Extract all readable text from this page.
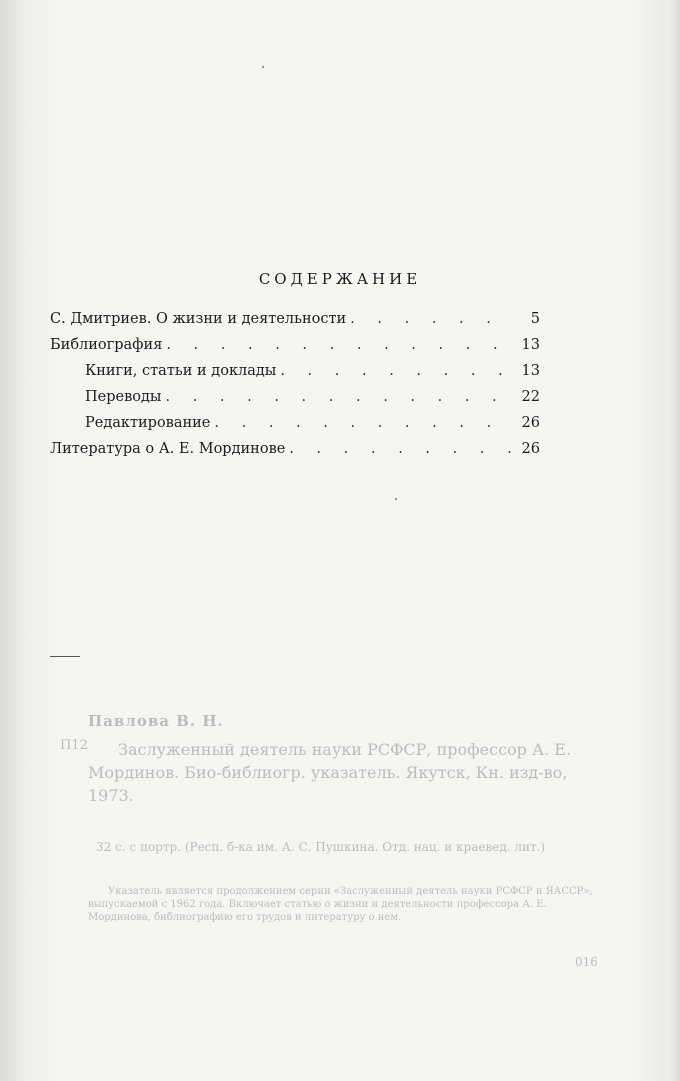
СОДЕРЖАНИЕ
С. Дмитриев. О жизни и деятельности . . .	5
Библиография . . .	13
Книги, статьи и доклады . . .	13
Переводы . . .	22
Редактирование . . .	26
Литература о А. Е. Мординове . . .	26
П12
Павлова В. Н.
Заслуженный деятель науки РСФСР, профессор А. Е. Мординов. Био-библиогр. указатель. Якутск, Кн. изд-во, 1973.
32 с. с портр. (Респ. б-ка им. А. С. Пушкина. Отд. нац. и краевед. лит.)
Указатель является продолжением серии «Заслуженный деятель науки РСФСР и ЯАССР», выпускаемой с 1962 года. Включает статью о жизни и деятельности профессора А. Е. Мординова, библиографию его трудов и литературу о нем.
016
